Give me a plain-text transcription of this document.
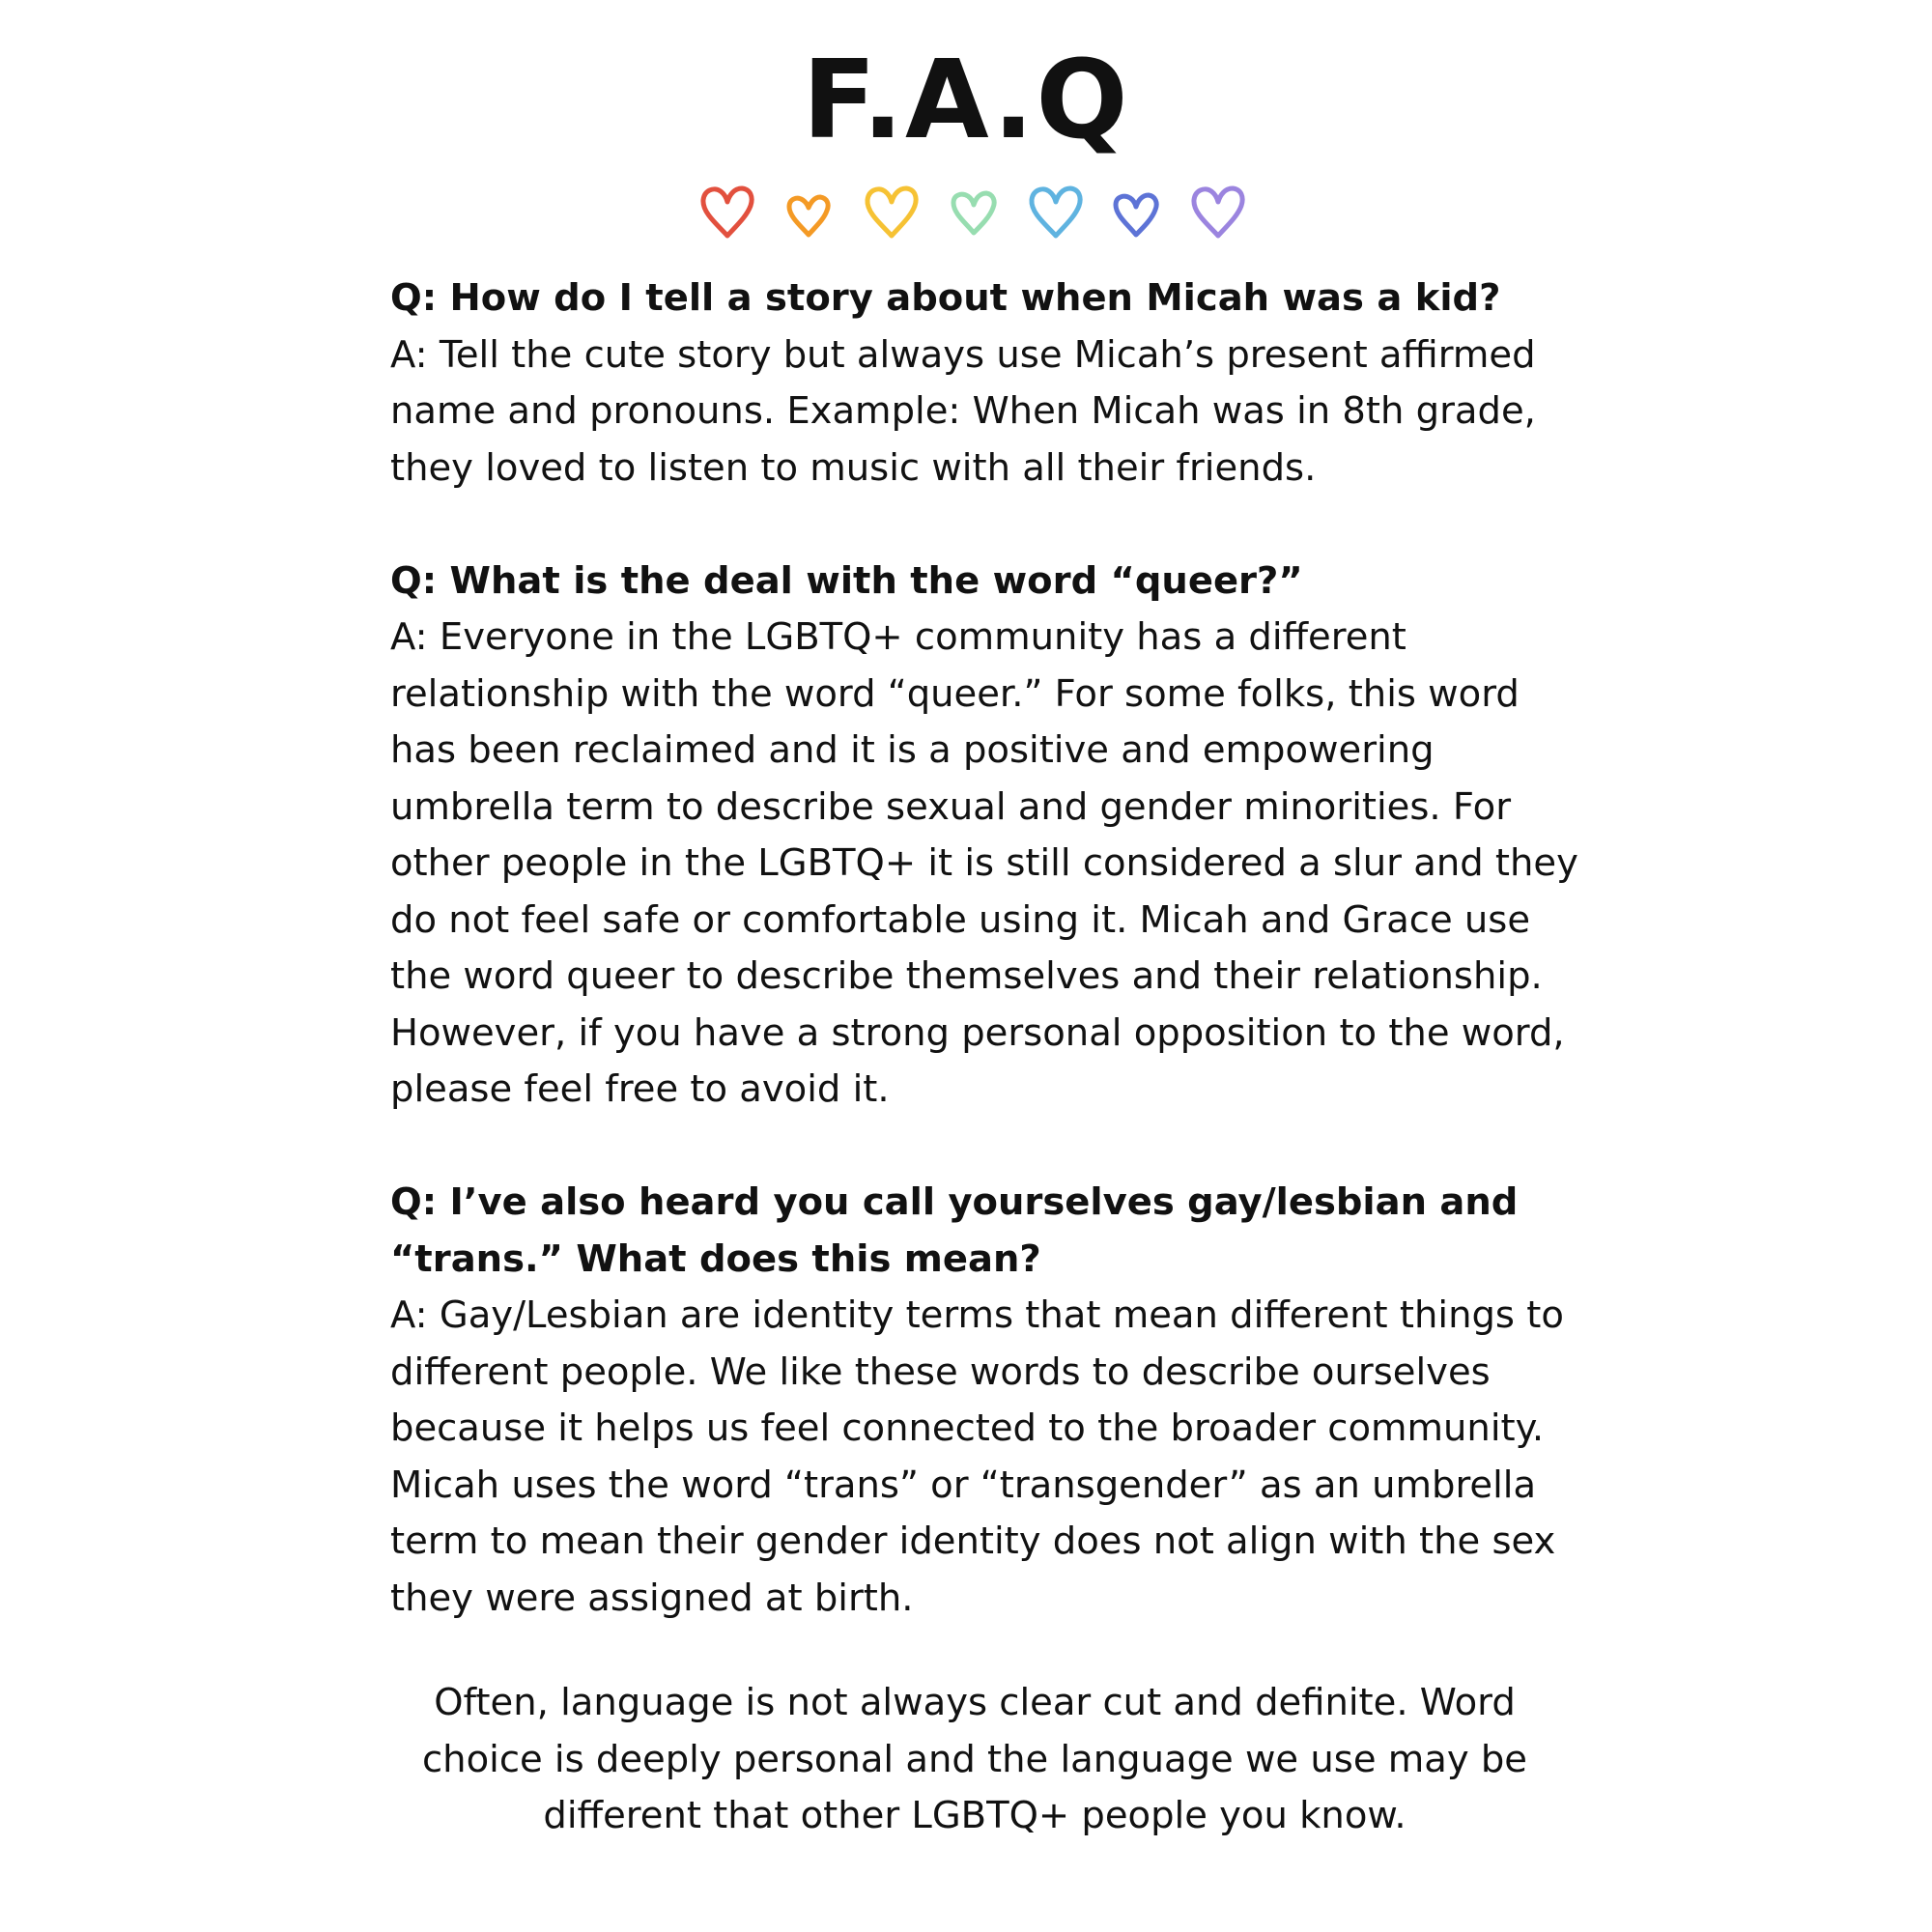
F.A.Q

Q: How do I tell a story about when Micah was a kid?

A: Tell the cute story but always use Micah’s present affirmed name and pronouns. Example: When Micah was in 8th grade, they loved to listen to music with all their friends.

Q: What is the deal with the word “queer?”

A: Everyone in the LGBTQ+ community has a different relationship with the word “queer.” For some folks, this word has been reclaimed and it is a positive and empowering umbrella term to describe sexual and gender minorities. For other people in the LGBTQ+ it is still considered a slur and they do not feel safe or comfortable using it. Micah and Grace use the word queer to describe themselves and their relationship. However, if you have a strong personal opposition to the word, please feel free to avoid it.

Q: I’ve also heard you call yourselves gay/lesbian and “trans.” What does this mean?

A: Gay/Lesbian are identity terms that mean different things to different people. We like these words to describe ourselves because it helps us feel connected to the broader community. Micah uses the word “trans” or “transgender” as an umbrella term to mean their gender identity does not align with the sex they were assigned at birth.

Often, language is not always clear cut and definite. Word choice is deeply personal and the language we use may be different that other LGBTQ+ people you know.
